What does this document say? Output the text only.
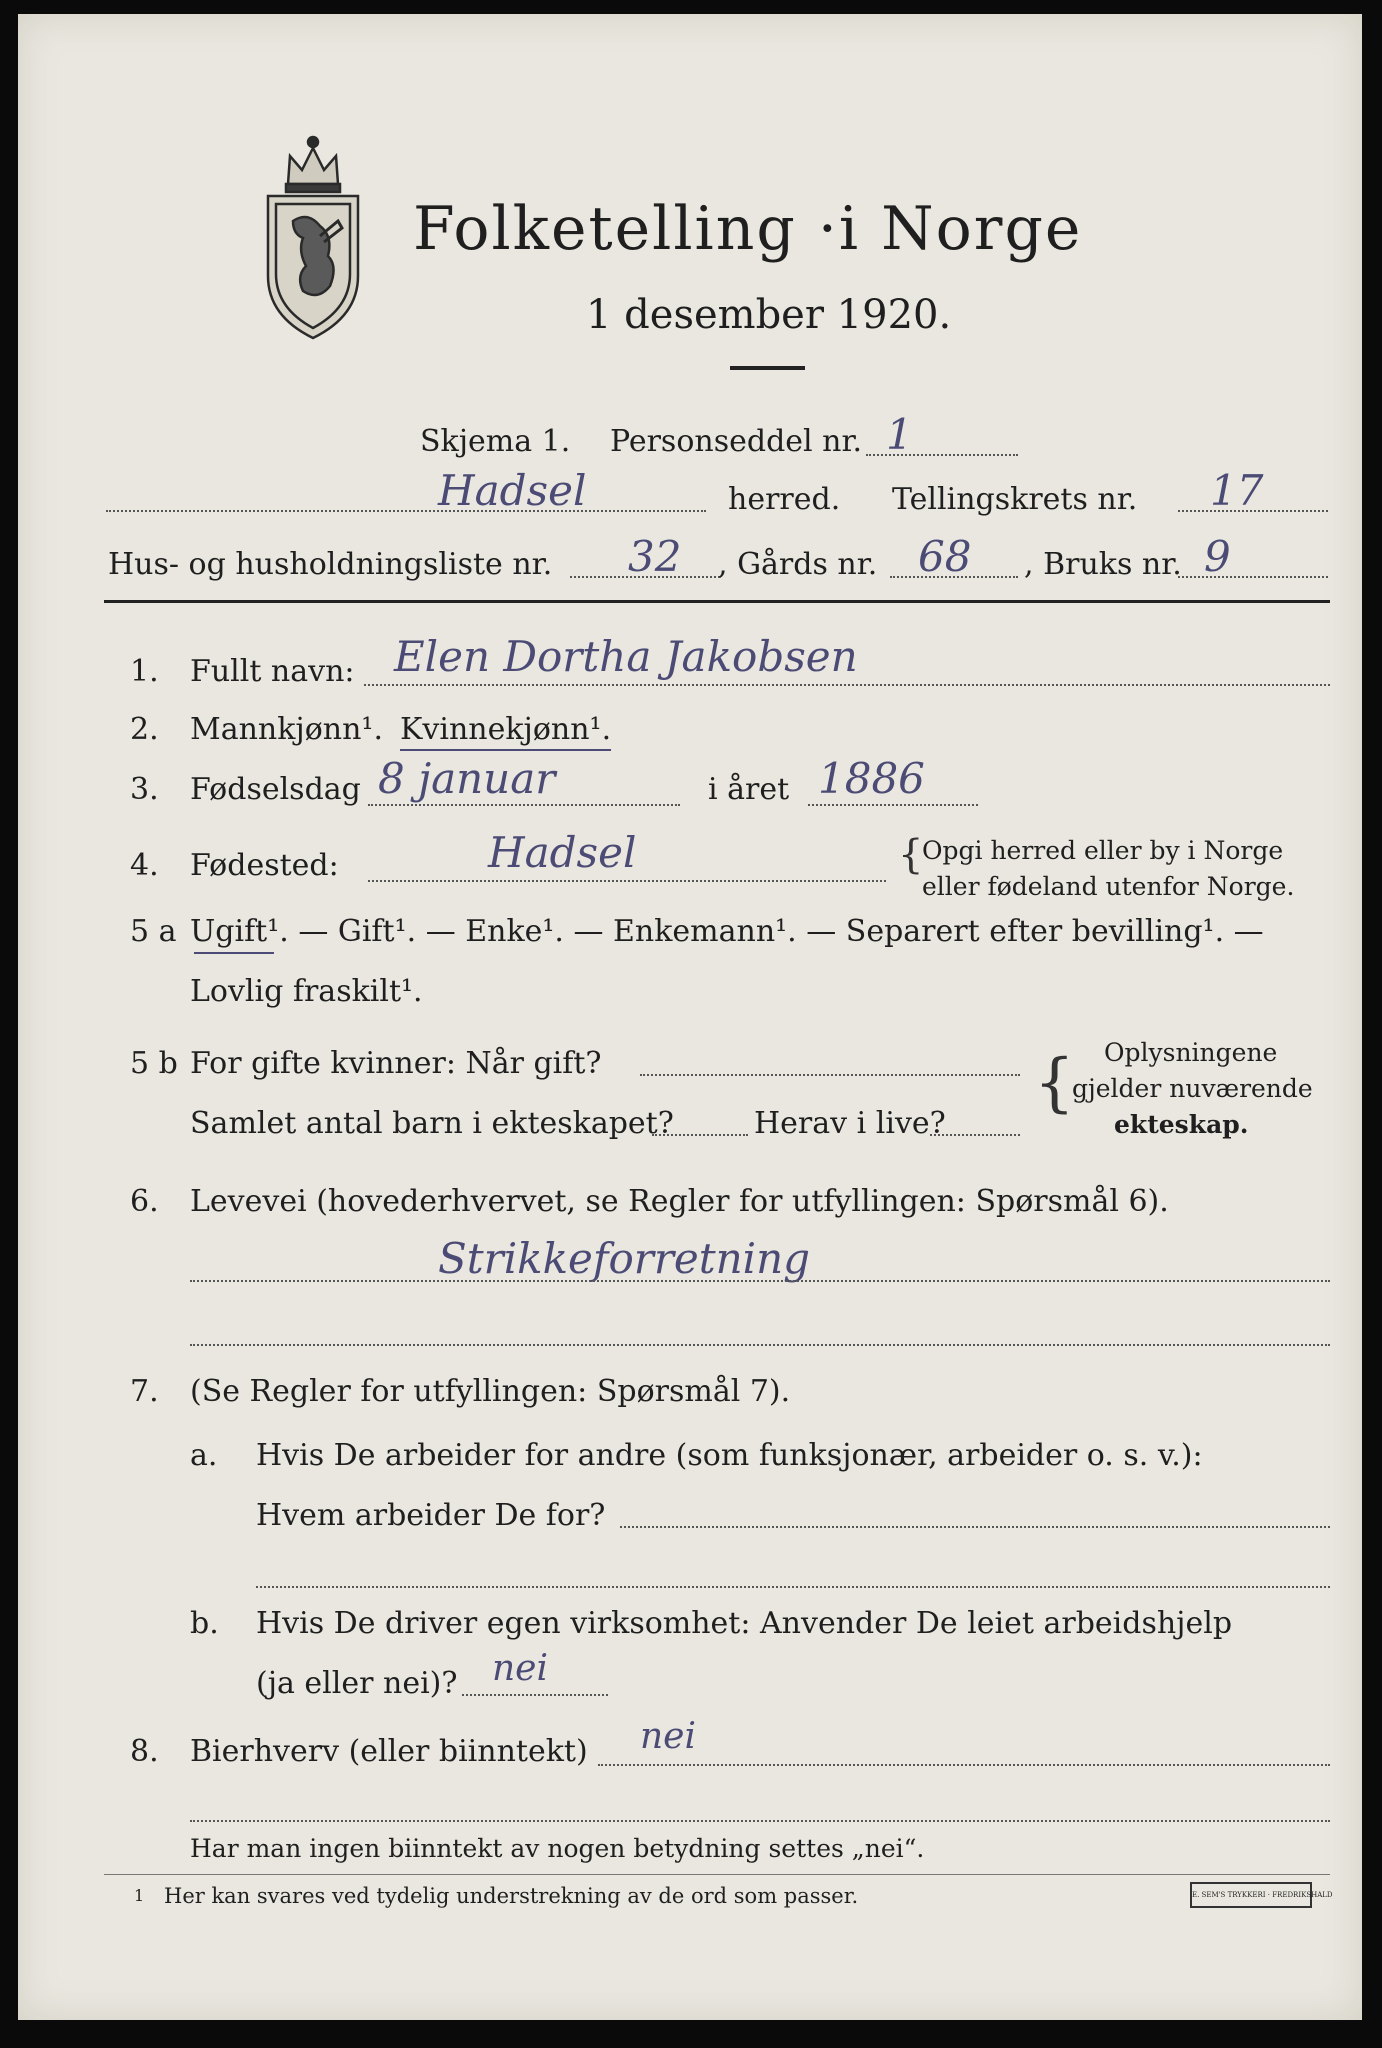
Folketelling ·i Norge
1 desember 1920.
Skjema 1. Personseddel nr. 1
Hadsel	herred. Tellingskrets nr. 17
Hus- og husholdningsliste nr. 32 , Gårds nr. 68 , Bruks nr. 9
1. Fullt navn: Elen Dortha Jakobsen
2. Mannkjønn¹. Kvinnekjønn¹.
3. Fødselsdag 8 januar	i året 1886
4. Fødested:	Hadsel	{
Opgi herred eller by i Norge
eller fødeland utenfor Norge.
5 a Ugift¹. — Gift¹. — Enke¹. — Enkemann¹. — Separert efter bevilling¹. —
Lovlig fraskilt¹.
5 b For gifte kvinner: Når gift?
Samlet antal barn i ekteskapet?	Herav i live?
{ Oplysningene
gjelder nuværende
ekteskap.
6. Levevei (hovederhvervet, se Regler for utfyllingen: Spørsmål 6).
Strikkeforretning
7. (Se Regler for utfyllingen: Spørsmål 7).
a. Hvis De arbeider for andre (som funksjonær, arbeider o. s. v.):
Hvem arbeider De for?
b. Hvis De driver egen virksomhet: Anvender De leiet arbeidshjelp
(ja eller nei)? nei
8. Bierhverv (eller biinntekt) nei
Har man ingen biinntekt av nogen betydning settes „nei“.
1 Her kan svares ved tydelig understrekning av de ord som passer.	E. SEM'S TRYKKERI · FREDRIKSHALD
